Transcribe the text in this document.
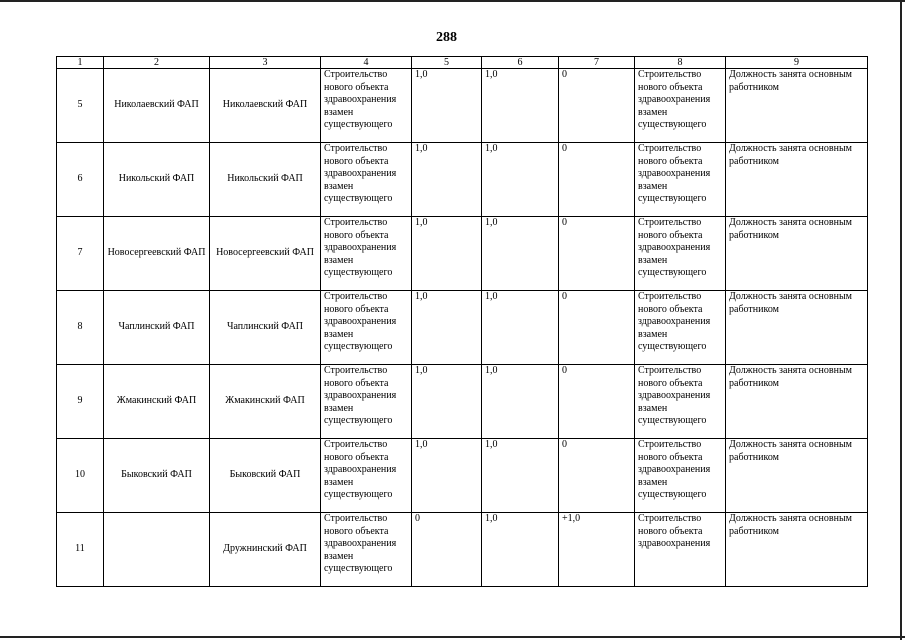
288
1	2	3	4	5	6	7	8	9
5	Николаевский ФАП	Николаевский ФАП	Строительство нового объекта здравоохранения взамен существующего	1,0	1,0	0	Строительство нового объекта здравоохранения взамен существующего	Должность занята основным работником
6	Никольский ФАП	Никольский ФАП	Строительство нового объекта здравоохранения взамен существующего	1,0	1,0	0	Строительство нового объекта здравоохранения взамен существующего	Должность занята основным работником
7	Новосергеевский ФАП	Новосергеевский ФАП	Строительство нового объекта здравоохранения взамен существующего	1,0	1,0	0	Строительство нового объекта здравоохранения взамен существующего	Должность занята основным работником
8	Чаплинский ФАП	Чаплинский ФАП	Строительство нового объекта здравоохранения взамен существующего	1,0	1,0	0	Строительство нового объекта здравоохранения взамен существующего	Должность занята основным работником
9	Жмакинский ФАП	Жмакинский ФАП	Строительство нового объекта здравоохранения взамен существующего	1,0	1,0	0	Строительство нового объекта здравоохранения взамен существующего	Должность занята основным работником
10	Быковский ФАП	Быковский ФАП	Строительство нового объекта здравоохранения взамен существующего	1,0	1,0	0	Строительство нового объекта здравоохранения взамен существующего	Должность занята основным работником
11		Дружнинский ФАП	Строительство нового объекта здравоохранения взамен существующего	0	1,0	+1,0	Строительство нового объекта здравоохранения	Должность занята основным работником
